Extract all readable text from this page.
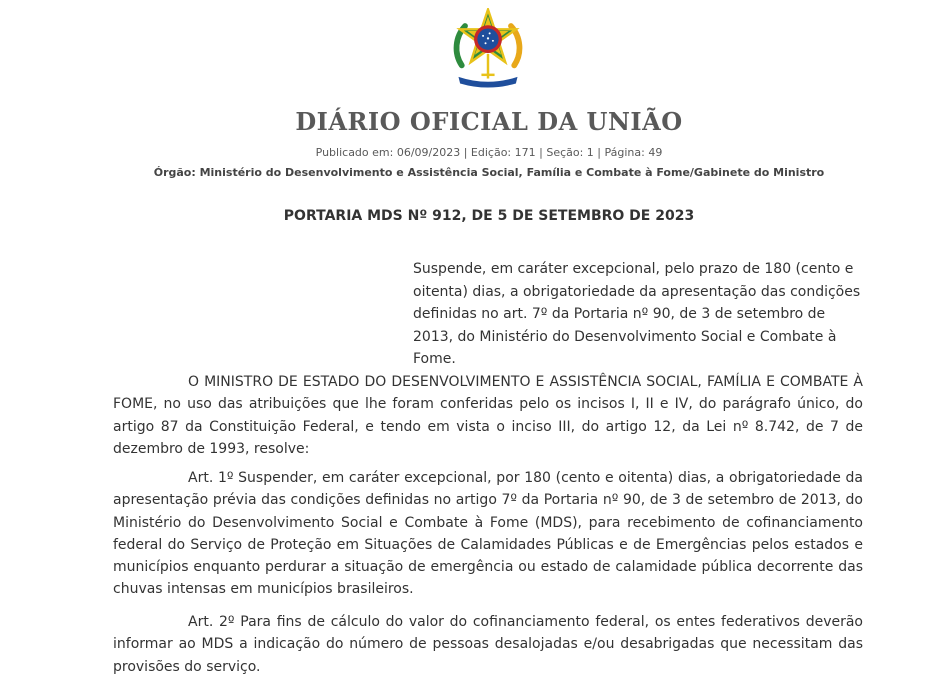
DIÁRIO OFICIAL DA UNIÃO
Publicado em: 06/09/2023 | Edição: 171 | Seção: 1 | Página: 49
Órgão: Ministério do Desenvolvimento e Assistência Social, Família e Combate à Fome/Gabinete do Ministro
PORTARIA MDS Nº 912, DE 5 DE SETEMBRO DE 2023
Suspende, em caráter excepcional, pelo prazo de 180 (cento e oitenta) dias, a obrigatoriedade da apresentação das condições definidas no art. 7º da Portaria nº 90, de 3 de setembro de 2013, do Ministério do Desenvolvimento Social e Combate à Fome.

O MINISTRO DE ESTADO DO DESENVOLVIMENTO E ASSISTÊNCIA SOCIAL, FAMÍLIA E COMBATE À FOME, no uso das atribuições que lhe foram conferidas pelo os incisos I, II e IV, do parágrafo único, do artigo 87 da Constituição Federal, e tendo em vista o inciso III, do artigo 12, da Lei nº 8.742, de 7 de dezembro de 1993, resolve:

Art. 1º Suspender, em caráter excepcional, por 180 (cento e oitenta) dias, a obrigatoriedade da apresentação prévia das condições definidas no artigo 7º da Portaria nº 90, de 3 de setembro de 2013, do Ministério do Desenvolvimento Social e Combate à Fome (MDS), para recebimento de cofinanciamento federal do Serviço de Proteção em Situações de Calamidades Públicas e de Emergências pelos estados e municípios enquanto perdurar a situação de emergência ou estado de calamidade pública decorrente das chuvas intensas em municípios brasileiros.

Art. 2º Para fins de cálculo do valor do cofinanciamento federal, os entes federativos deverão informar ao MDS a indicação do número de pessoas desalojadas e/ou desabrigadas que necessitam das provisões do serviço.
